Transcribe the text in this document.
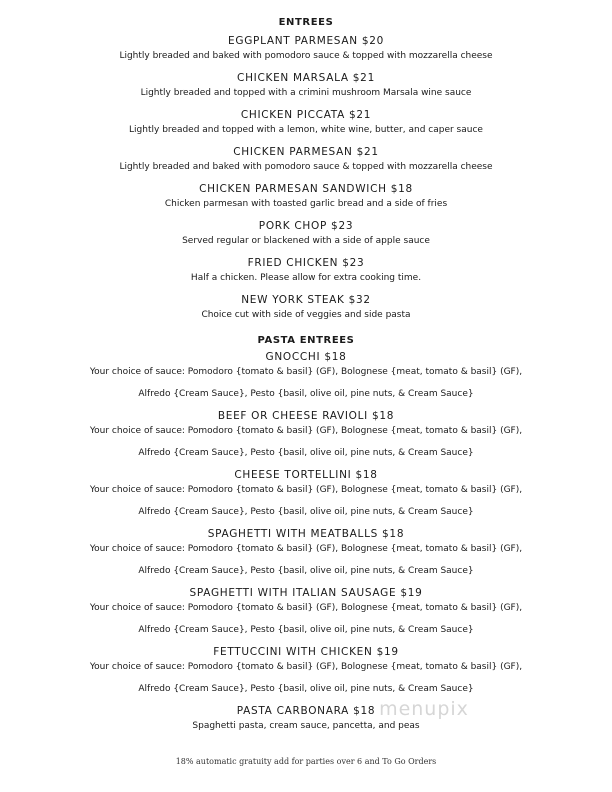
ENTREES
EGGPLANT PARMESAN $20
Lightly breaded and baked with pomodoro sauce & topped with mozzarella cheese
CHICKEN MARSALA $21
Lightly breaded and topped with a crimini mushroom Marsala wine sauce
CHICKEN PICCATA $21
Lightly breaded and topped with a lemon, white wine, butter, and caper sauce
CHICKEN PARMESAN $21
Lightly breaded and baked with pomodoro sauce & topped with mozzarella cheese
CHICKEN PARMESAN SANDWICH $18
Chicken parmesan with toasted garlic bread and a side of fries
PORK CHOP $23
Served regular or blackened with a side of apple sauce
FRIED CHICKEN $23
Half a chicken. Please allow for extra cooking time.
NEW YORK STEAK $32
Choice cut with side of veggies and side pasta
PASTA ENTREES
GNOCCHI $18
Your choice of sauce: Pomodoro {tomato & basil} (GF), Bolognese {meat, tomato & basil} (GF),
Alfredo {Cream Sauce}, Pesto {basil, olive oil, pine nuts, & Cream Sauce}
BEEF OR CHEESE RAVIOLI $18
Your choice of sauce: Pomodoro {tomato & basil} (GF), Bolognese {meat, tomato & basil} (GF),
Alfredo {Cream Sauce}, Pesto {basil, olive oil, pine nuts, & Cream Sauce}
CHEESE TORTELLINI $18
Your choice of sauce: Pomodoro {tomato & basil} (GF), Bolognese {meat, tomato & basil} (GF),
Alfredo {Cream Sauce}, Pesto {basil, olive oil, pine nuts, & Cream Sauce}
SPAGHETTI WITH MEATBALLS $18
Your choice of sauce: Pomodoro {tomato & basil} (GF), Bolognese {meat, tomato & basil} (GF),
Alfredo {Cream Sauce}, Pesto {basil, olive oil, pine nuts, & Cream Sauce}
SPAGHETTI WITH ITALIAN SAUSAGE $19
Your choice of sauce: Pomodoro {tomato & basil} (GF), Bolognese {meat, tomato & basil} (GF),
Alfredo {Cream Sauce}, Pesto {basil, olive oil, pine nuts, & Cream Sauce}
FETTUCCINI WITH CHICKEN $19
Your choice of sauce: Pomodoro {tomato & basil} (GF), Bolognese {meat, tomato & basil} (GF),
Alfredo {Cream Sauce}, Pesto {basil, olive oil, pine nuts, & Cream Sauce}
PASTA CARBONARA $18
Spaghetti pasta, cream sauce, pancetta, and peas
menupix
18% automatic gratuity add for parties over 6 and To Go Orders
